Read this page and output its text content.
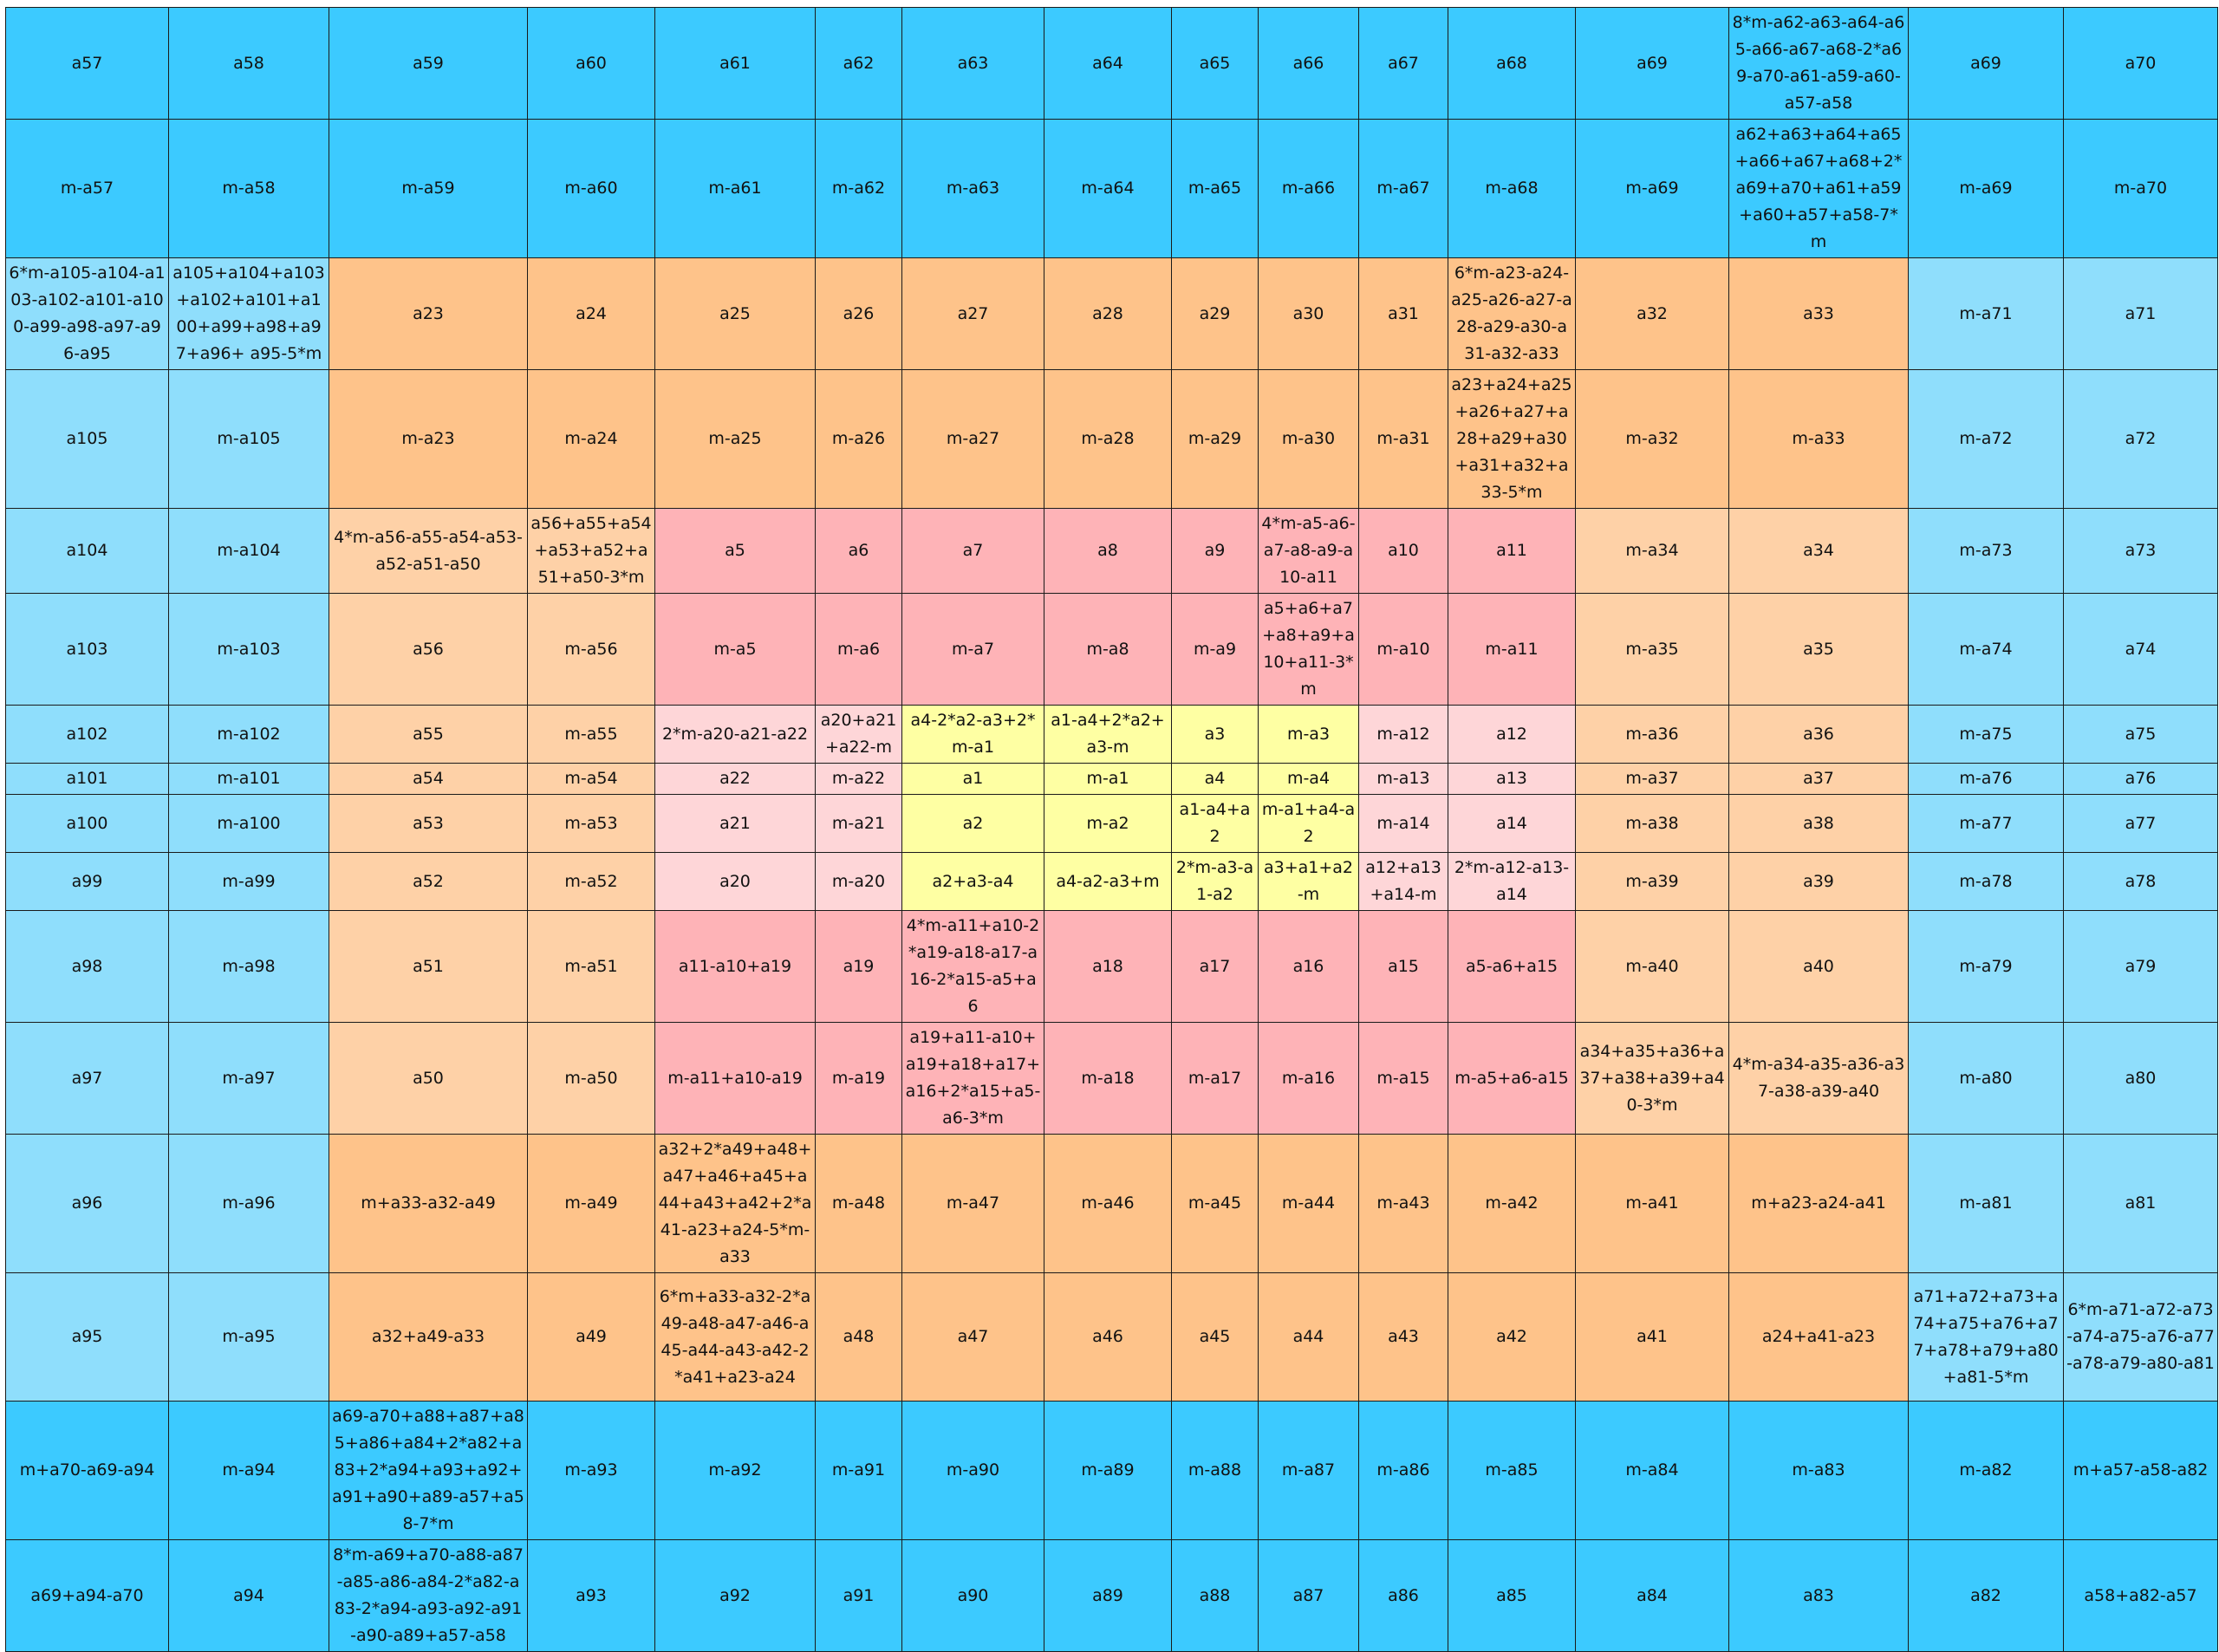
a57	a58	a59	a60	a61	a62	a63	a64	a65	a66	a67	a68	a69	8*m-a62-a63-a64-a65-a66-a67-a68-2*a69-a70-a61-a59-a60-a57-a58	a69	a70
m-a57	m-a58	m-a59	m-a60	m-a61	m-a62	m-a63	m-a64	m-a65	m-a66	m-a67	m-a68	m-a69	a62+a63+a64+a65+a66+a67+a68+2*a69+a70+a61+a59+a60+a57+a58-7*m	m-a69	m-a70
6*m-a105-a104-a103-a102-a101-a100-a99-a98-a97-a96-a95	a105+a104+a103+a102+a101+a100+a99+a98+a97+a96+ a95-5*m	a23	a24	a25	a26	a27	a28	a29	a30	a31	6*m-a23-a24-a25-a26-a27-a28-a29-a30-a31-a32-a33	a32	a33	m-a71	a71
a105	m-a105	m-a23	m-a24	m-a25	m-a26	m-a27	m-a28	m-a29	m-a30	m-a31	a23+a24+a25+a26+a27+a28+a29+a30+a31+a32+a33-5*m	m-a32	m-a33	m-a72	a72
a104	m-a104	4*m-a56-a55-a54-a53-a52-a51-a50	a56+a55+a54+a53+a52+a51+a50-3*m	a5	a6	a7	a8	a9	4*m-a5-a6-a7-a8-a9-a10-a11	a10	a11	m-a34	a34	m-a73	a73
a103	m-a103	a56	m-a56	m-a5	m-a6	m-a7	m-a8	m-a9	a5+a6+a7+a8+a9+a10+a11-3*m	m-a10	m-a11	m-a35	a35	m-a74	a74
a102	m-a102	a55	m-a55	2*m-a20-a21-a22	a20+a21+a22-m	a4-2*a2-a3+2*m-a1	a1-a4+2*a2+a3-m	a3	m-a3	m-a12	a12	m-a36	a36	m-a75	a75
a101	m-a101	a54	m-a54	a22	m-a22	a1	m-a1	a4	m-a4	m-a13	a13	m-a37	a37	m-a76	a76
a100	m-a100	a53	m-a53	a21	m-a21	a2	m-a2	a1-a4+a2	m-a1+a4-a2	m-a14	a14	m-a38	a38	m-a77	a77
a99	m-a99	a52	m-a52	a20	m-a20	a2+a3-a4	a4-a2-a3+m	2*m-a3-a1-a2	a3+a1+a2-m	a12+a13+a14-m	2*m-a12-a13-a14	m-a39	a39	m-a78	a78
a98	m-a98	a51	m-a51	a11-a10+a19	a19	4*m-a11+a10-2*a19-a18-a17-a16-2*a15-a5+a6	a18	a17	a16	a15	a5-a6+a15	m-a40	a40	m-a79	a79
a97	m-a97	a50	m-a50	m-a11+a10-a19	m-a19	a19+a11-a10+a19+a18+a17+a16+2*a15+a5-a6-3*m	m-a18	m-a17	m-a16	m-a15	m-a5+a6-a15	a34+a35+a36+a37+a38+a39+a40-3*m	4*m-a34-a35-a36-a37-a38-a39-a40	m-a80	a80
a96	m-a96	m+a33-a32-a49	m-a49	a32+2*a49+a48+a47+a46+a45+a44+a43+a42+2*a41-a23+a24-5*m-a33	m-a48	m-a47	m-a46	m-a45	m-a44	m-a43	m-a42	m-a41	m+a23-a24-a41	m-a81	a81
a95	m-a95	a32+a49-a33	a49	6*m+a33-a32-2*a49-a48-a47-a46-a45-a44-a43-a42-2*a41+a23-a24	a48	a47	a46	a45	a44	a43	a42	a41	a24+a41-a23	a71+a72+a73+a74+a75+a76+a77+a78+a79+a80+a81-5*m	6*m-a71-a72-a73-a74-a75-a76-a77-a78-a79-a80-a81
m+a70-a69-a94	m-a94	a69-a70+a88+a87+a85+a86+a84+2*a82+a83+2*a94+a93+a92+a91+a90+a89-a57+a58-7*m	m-a93	m-a92	m-a91	m-a90	m-a89	m-a88	m-a87	m-a86	m-a85	m-a84	m-a83	m-a82	m+a57-a58-a82
a69+a94-a70	a94	8*m-a69+a70-a88-a87-a85-a86-a84-2*a82-a83-2*a94-a93-a92-a91-a90-a89+a57-a58	a93	a92	a91	a90	a89	a88	a87	a86	a85	a84	a83	a82	a58+a82-a57
